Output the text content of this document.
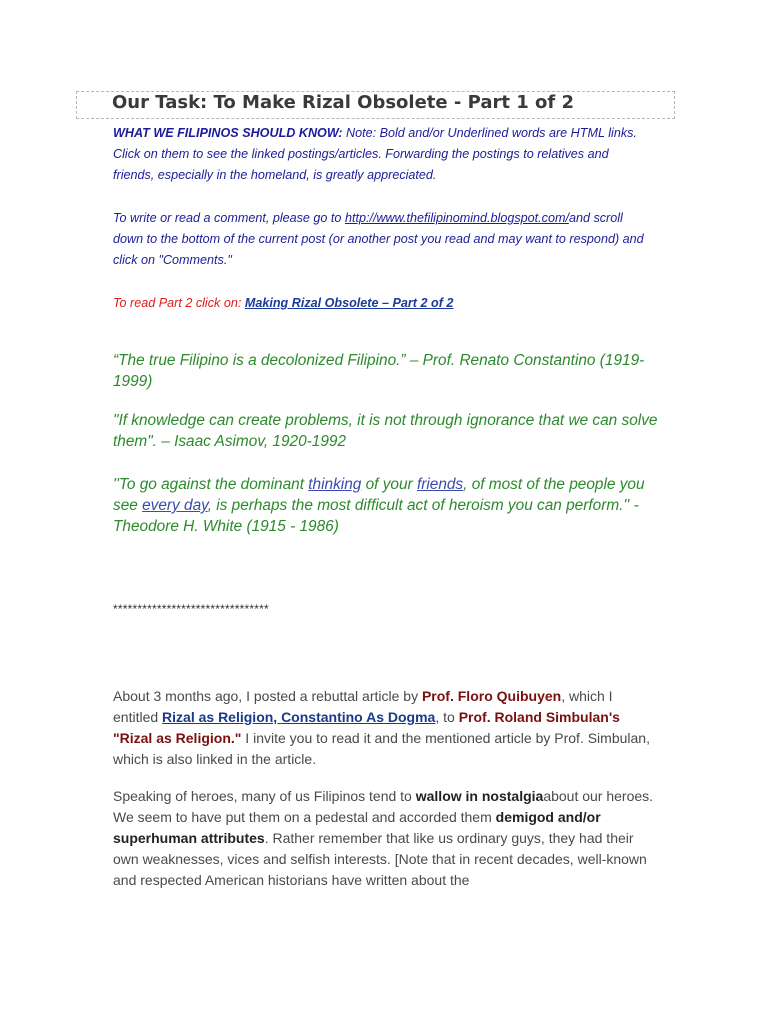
Our Task: To Make Rizal Obsolete - Part 1 of 2
WHAT WE FILIPINOS SHOULD KNOW: Note: Bold and/or Underlined words are HTML links. Click on them to see the linked postings/articles. Forwarding the postings to relatives and friends, especially in the homeland, is greatly appreciated.
To write or read a comment, please go to http://www.thefilipinomind.blogspot.com/and scroll down to the bottom of the current post (or another post you read and may want to respond) and click on "Comments."
To read Part 2 click on: Making Rizal Obsolete – Part 2 of 2
“The true Filipino is a decolonized Filipino.” – Prof. Renato Constantino (1919-1999)
"If knowledge can create problems, it is not through ignorance that we can solve them". – Isaac Asimov, 1920-1992
''To go against the dominant thinking of your friends, of most of the people you see every day, is perhaps the most difficult act of heroism you can perform.'' - Theodore H. White (1915 - 1986)
********************************
About 3 months ago, I posted a rebuttal article by Prof. Floro Quibuyen, which I entitled Rizal as Religion, Constantino As Dogma, to Prof. Roland Simbulan's "Rizal as Religion." I invite you to read it and the mentioned article by Prof. Simbulan, which is also linked in the article.
Speaking of heroes, many of us Filipinos tend to wallow in nostalgiaabout our heroes. We seem to have put them on a pedestal and accorded them demigod and/or superhuman attributes. Rather remember that like us ordinary guys, they had their own weaknesses, vices and selfish interests. [Note that in recent decades, well-known and respected American historians have written about the
